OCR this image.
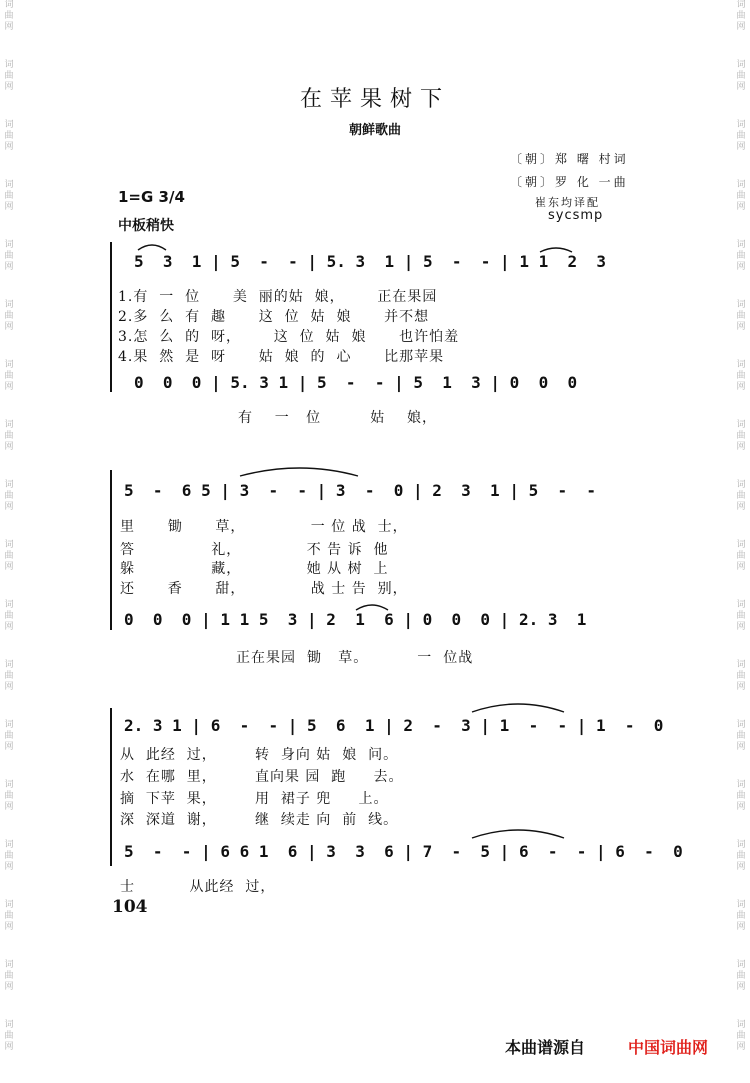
词
曲
网
词
曲
网
词
曲
网
词
曲
网
词
曲
网
词
曲
网
词
曲
网
词
曲
网
词
曲
网
词
曲
网
词
曲
网
词
曲
网
词
曲
网
词
曲
网
词
曲
网
词
曲
网
词
曲
网
词
曲
网
词
曲
网
词
曲
网
词
曲
网
词
曲
网
词
曲
网
词
曲
网
词
曲
网
词
曲
网
词
曲
网
词
曲
网
词
曲
网
词
曲
网
词
曲
网
词
曲
网
词
曲
网
词
曲
网
词
曲
网
词
曲
网
在苹果树下
朝鲜歌曲
〔朝〕郑 曙 村词
〔朝〕罗 化 一曲
崔东均译配
sycsmp
1=G 3/4
中板稍快
5  3  1 | 5  -  - | 5. 3  1 | 5  -  - | 1 1  2  3
1.有  一  位      美  丽的姑  娘，      正在果园
2.多  么  有  趣      这  位  姑  娘      并不想
3.怎  么  的  呀，      这  位  姑  娘      也许怕羞
4.果  然  是  呀      姑  娘  的  心      比那苹果
0  0  0 | 5. 3 1 | 5  -  - | 5  1  3 | 0  0  0
有    一   位         姑    娘，
5  -  6 5 | 3  -  - | 3  -  0 | 2  3  1 | 5  -  -
里      锄      草，            一 位 战  士，
答              礼，            不 告 诉  他
躲              藏，            她 从 树  上
还      香      甜，            战 士 告  别，
0  0  0 | 1 1 5  3 | 2  1  6 | 0  0  0 | 2. 3  1
正在果园  锄   草。         一  位战
2. 3 1 | 6  -  - | 5  6  1 | 2  -  3 | 1  -  - | 1  -  0
从  此经  过，       转  身向 姑  娘  问。
水  在哪  里，       直向果 园  跑     去。
摘  下苹  果，       用  裙子 兜     上。
深  深道  谢，       继  续走 向  前  线。
5  -  - | 6 6 1  6 | 3  3  6 | 7  -  5 | 6  -  - | 6  -  0
士          从此经  过，
104
本曲谱源自	中国词曲网
